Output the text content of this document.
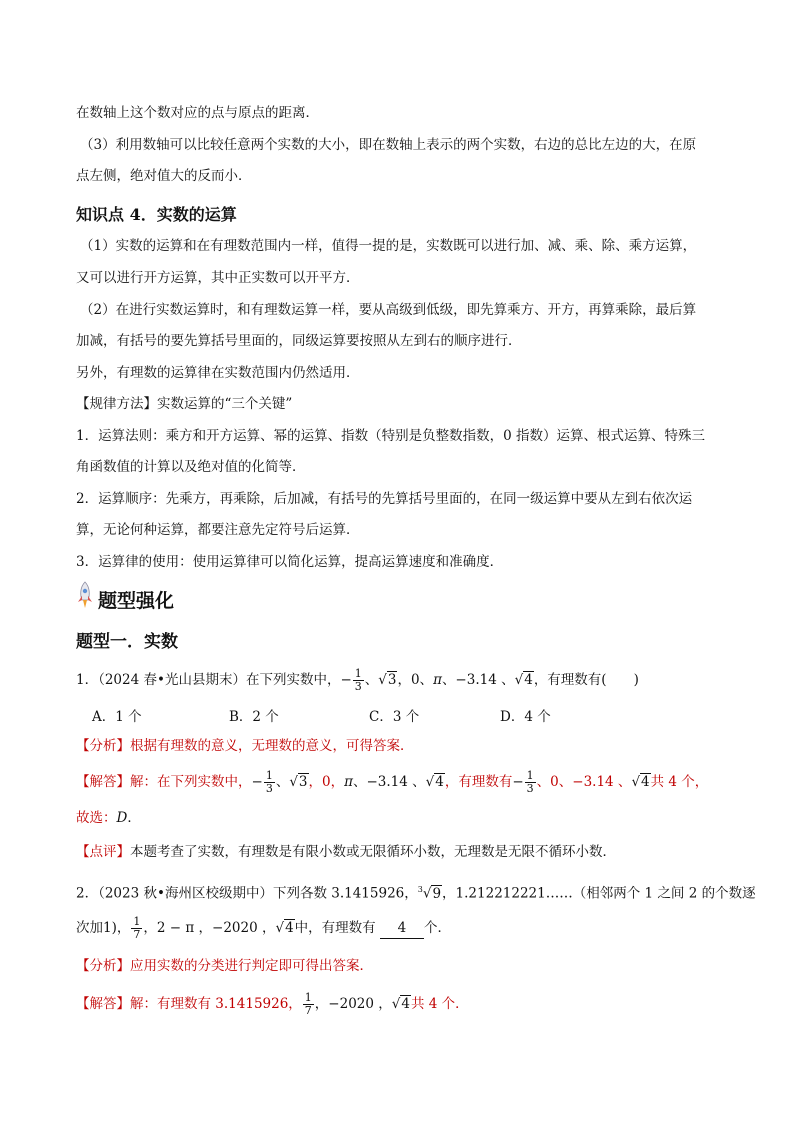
在数轴上这个数对应的点与原点的距离．
（3）利用数轴可以比较任意两个实数的大小，即在数轴上表示的两个实数，右边的总比左边的大，在原
点左侧，绝对值大的反而小．
知识点 4．实数的运算
（1）实数的运算和在有理数范围内一样，值得一提的是，实数既可以进行加、减、乘、除、乘方运算，
又可以进行开方运算，其中正实数可以开平方．
（2）在进行实数运算时，和有理数运算一样，要从高级到低级，即先算乘方、开方，再算乘除，最后算
加减，有括号的要先算括号里面的，同级运算要按照从左到右的顺序进行．
另外，有理数的运算律在实数范围内仍然适用．
【规律方法】实数运算的“三个关键”
1．运算法则：乘方和开方运算、幂的运算、指数（特别是负整数指数，0 指数）运算、根式运算、特殊三
角函数值的计算以及绝对值的化简等．
2．运算顺序：先乘方，再乘除，后加减，有括号的先算括号里面的，在同一级运算中要从左到右依次运
算，无论何种运算，都要注意先定符号后运算．
3．运算律的使用：使用运算律可以简化运算，提高运算速度和准确度．
题型强化
题型一．实数
1．（2024 春•光山县期末）在下列实数中，− $\frac{1}{3}$ 、√3，0、π、−3.14 、√4，有理数有(　　)
A．1 个	B．2 个	C．3 个	D．4 个
【分析】根据有理数的意义，无理数的意义，可得答案．
【解答】解：在下列实数中，− $\frac{1}{3}$ 、√3，0，π、−3.14 、√4，有理数有− $\frac{1}{3}$ 、0、−3.14 、√4共 4 个，
故选：D．
【点评】本题考查了实数，有理数是有限小数或无限循环小数，无理数是无限不循环小数．
2．（2023 秋•海州区校级期中）下列各数 3.1415926，$^3$√9，1.212212221……（相邻两个 1 之间 2 的个数逐
次加1)， $\frac{1}{7}$ ，2 − π ，−2020 ，√4中，有理数有 4 个．
【分析】应用实数的分类进行判定即可得出答案．
【解答】解：有理数有 3.1415926， $\frac{1}{7}$ ，−2020 ，√4共 4 个．
